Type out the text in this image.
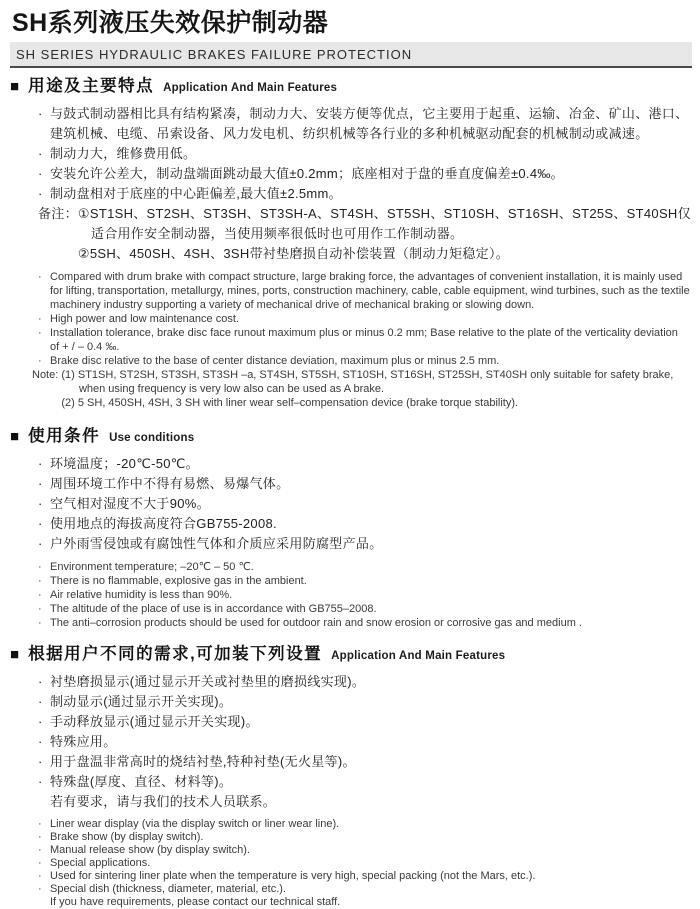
SH系列液压失效保护制动器
SH SERIES HYDRAULIC BRAKES FAILURE PROTECTION
■ 用途及主要特点 Application And Main Features
· 与鼓式制动器相比具有结构紧凑，制动力大、安装方便等优点，它主要用于起重、运输、冶金、矿山、港口、建筑机械、电缆、吊索设备、风力发电机、纺织机械等各行业的多种机械驱动配套的机械制动或减速。
· 制动力大，维修费用低。
· 安装允许公差大，制动盘端面跳动最大值±0.2mm；底座相对于盘的垂直度偏差±0.4‰。
· 制动盘相对于底座的中心距偏差,最大值±2.5mm。
备注： ①ST1SH、ST2SH、ST3SH、ST3SH-A、ST4SH、ST5SH、ST10SH、ST16SH、ST25S、ST40SH仅适合用作安全制动器，当使用频率很低时也可用作工作制动器。
②5SH、450SH、4SH、3SH带衬垫磨损自动补偿装置（制动力矩稳定）。
· Compared with drum brake with compact structure, large braking force, the advantages of convenient installation, it is mainly used for lifting, transportation, metallurgy, mines, ports, construction machinery, cable, cable equipment, wind turbines, such as the textile machinery industry supporting a variety of mechanical drive of mechanical braking or slowing down.
· High power and low maintenance cost.
· Installation tolerance, brake disc face runout maximum plus or minus 0.2 mm; Base relative to the plate of the verticality deviation of + / – 0.4 ‰.
· Brake disc relative to the base of center distance deviation, maximum plus or minus 2.5 mm.
Note: (1) ST1SH, ST2SH, ST3SH, ST3SH –a, ST4SH, ST5SH, ST10SH, ST16SH, ST25SH, ST40SH only suitable for safety brake, when using frequency is very low also can be used as A brake.
(2) 5 SH, 450SH, 4SH, 3 SH with liner wear self–compensation device (brake torque stability).
■ 使用条件 Use conditions
· 环境温度；-20℃-50℃。
· 周围环境工作中不得有易燃、易爆气体。
· 空气相对湿度不大于90%。
· 使用地点的海拔高度符合GB755-2008.
· 户外雨雪侵蚀或有腐蚀性气体和介质应采用防腐型产品。
· Environment temperature; –20℃ – 50 ℃.
· There is no flammable, explosive gas in the ambient.
· Air relative humidity is less than 90%.
· The altitude of the place of use is in accordance with GB755–2008.
· The anti–corrosion products should be used for outdoor rain and snow erosion or corrosive gas and medium .
■ 根据用户不同的需求,可加装下列设置 Application And Main Features
· 衬垫磨损显示(通过显示开关或衬垫里的磨损线实现)。
· 制动显示(通过显示开关实现)。
· 手动释放显示(通过显示开关实现)。
· 特殊应用。
· 用于盘温非常高时的烧结衬垫,特种衬垫(无火星等)。
· 特殊盘(厚度、直径、材料等)。
若有要求，请与我们的技术人员联系。
· Liner wear display (via the display switch or liner wear line).
· Brake show (by display switch).
· Manual release show (by display switch).
· Special applications.
· Used for sintering liner plate when the temperature is very high, special packing (not the Mars, etc.).
· Special dish (thickness, diameter, material, etc.).
If you have requirements, please contact our technical staff.
